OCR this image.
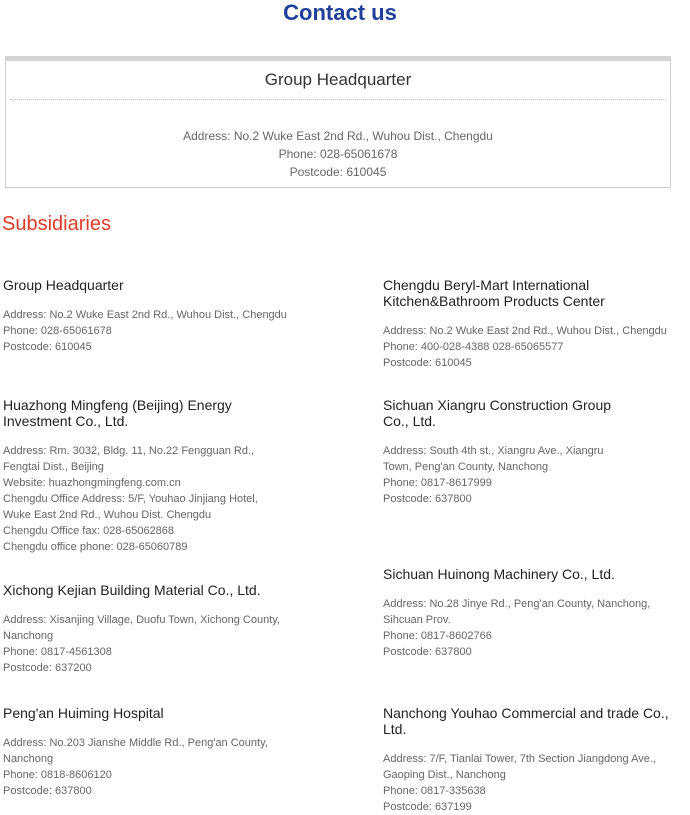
Contact us
Group Headquarter
Address: No.2 Wuke East 2nd Rd., Wuhou Dist., Chengdu
Phone: 028-65061678
Postcode: 610045
Subsidiaries
Group Headquarter
Address: No.2 Wuke East 2nd Rd., Wuhou Dist., Chengdu
Phone: 028-65061678
Postcode: 610045
Chengdu Beryl-Mart International
Kitchen&Bathroom Products Center
Address: No.2 Wuke East 2nd Rd., Wuhou Dist., Chengdu
Phone: 400-028-4388 028-65065577
Postcode: 610045
Huazhong Mingfeng (Beijing) Energy
Investment Co., Ltd.
Address: Rm. 3032, Bldg. 11, No.22 Fengguan Rd.,
Fengtai Dist., Beijing
Website: huazhongmingfeng.com.cn
Chengdu Office Address: 5/F, Youhao Jinjiang Hotel,
Wuke East 2nd Rd., Wuhou Dist. Chengdu
Chengdu Office fax: 028-65062868
Chengdu office phone: 028-65060789
Sichuan Xiangru Construction Group
Co., Ltd.
Address: South 4th st., Xiangru Ave., Xiangru
Town, Peng'an County, Nanchong
Phone: 0817-8617999
Postcode: 637800
Xichong Kejian Building Material Co., Ltd.
Address: Xisanjing Village, Duofu Town, Xichong County,
Nanchong
Phone: 0817-4561308
Postcode: 637200
Sichuan Huinong Machinery Co., Ltd.
Address: No.28 Jinye Rd., Peng'an County, Nanchong,
Sihcuan Prov.
Phone: 0817-8602766
Postcode: 637800
Peng'an Huiming Hospital
Address: No.203 Jianshe Middle Rd., Peng'an County,
Nanchong
Phone: 0818-8606120
Postcode: 637800
Nanchong Youhao Commercial and trade Co., Ltd.
Address: 7/F, Tianlai Tower, 7th Section Jiangdong Ave.,
Gaoping Dist., Nanchong
Phone: 0817-335638
Postcode: 637199
